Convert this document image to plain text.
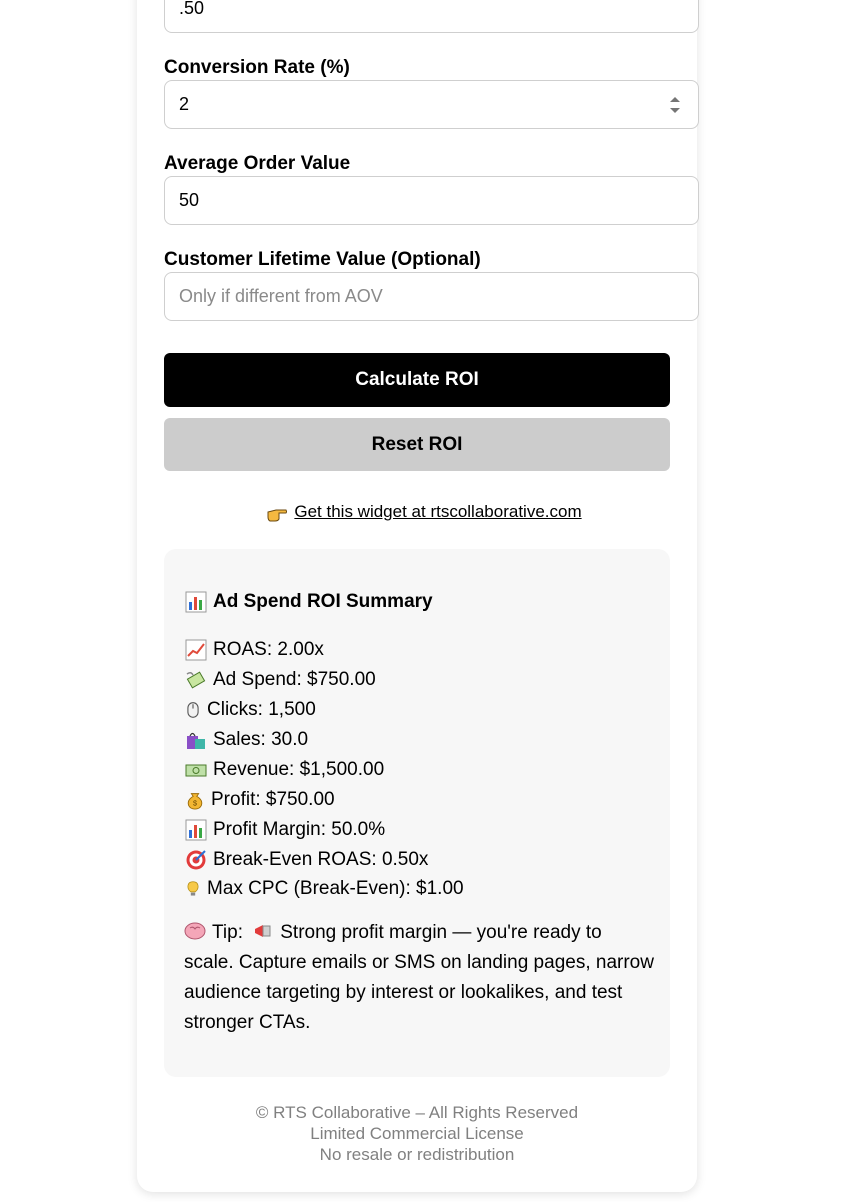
.50
Conversion Rate (%)
2
Average Order Value
50
Customer Lifetime Value (Optional)
Only if different from AOV
Calculate ROI
Reset ROI
Get this widget at rtscollaborative.com
Ad Spend ROI Summary
ROAS: 2.00x
Ad Spend: $750.00
Clicks: 1,500
Sales: 30.0
Revenue: $1,500.00
$ Profit: $750.00
Profit Margin: 50.0%
Break-Even ROAS: 0.50x
Max CPC (Break-Even): $1.00
Tip: Strong profit margin — you're ready to scale. Capture emails or SMS on landing pages, narrow audience targeting by interest or lookalikes, and test stronger CTAs.
© RTS Collaborative – All Rights Reserved
Limited Commercial License
No resale or redistribution
